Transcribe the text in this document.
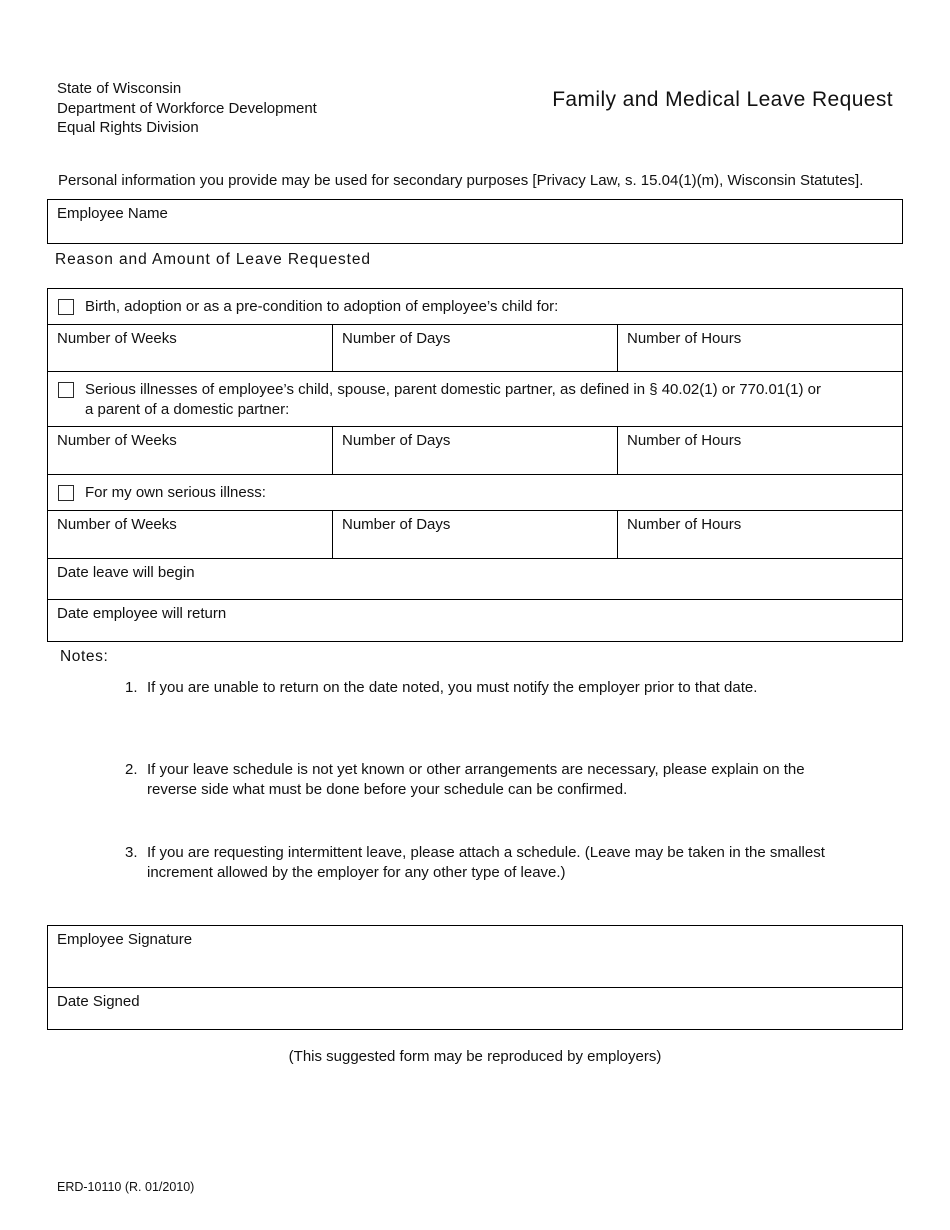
State of Wisconsin
Department of Workforce Development
Equal Rights Division
Family and Medical Leave Request
Personal information you provide may be used for secondary purposes [Privacy Law, s. 15.04(1)(m), Wisconsin Statutes].
Employee Name
Reason and Amount of Leave Requested
Birth, adoption or as a pre-condition to adoption of employee’s child for:
Number of Weeks	Number of Days	Number of Hours
Serious illnesses of employee’s child, spouse, parent domestic partner, as defined in § 40.02(1) or 770.01(1) or a parent of a domestic partner:
Number of Weeks	Number of Days	Number of Hours
For my own serious illness:
Number of Weeks	Number of Days	Number of Hours
Date leave will begin
Date employee will return
Notes:
1. If you are unable to return on the date noted, you must notify the employer prior to that date.
2. If your leave schedule is not yet known or other arrangements are necessary, please explain on the reverse side what must be done before your schedule can be confirmed.
3. If you are requesting intermittent leave, please attach a schedule. (Leave may be taken in the smallest increment allowed by the employer for any other type of leave.)
Employee Signature
Date Signed
(This suggested form may be reproduced by employers)
ERD-10110 (R. 01/2010)
